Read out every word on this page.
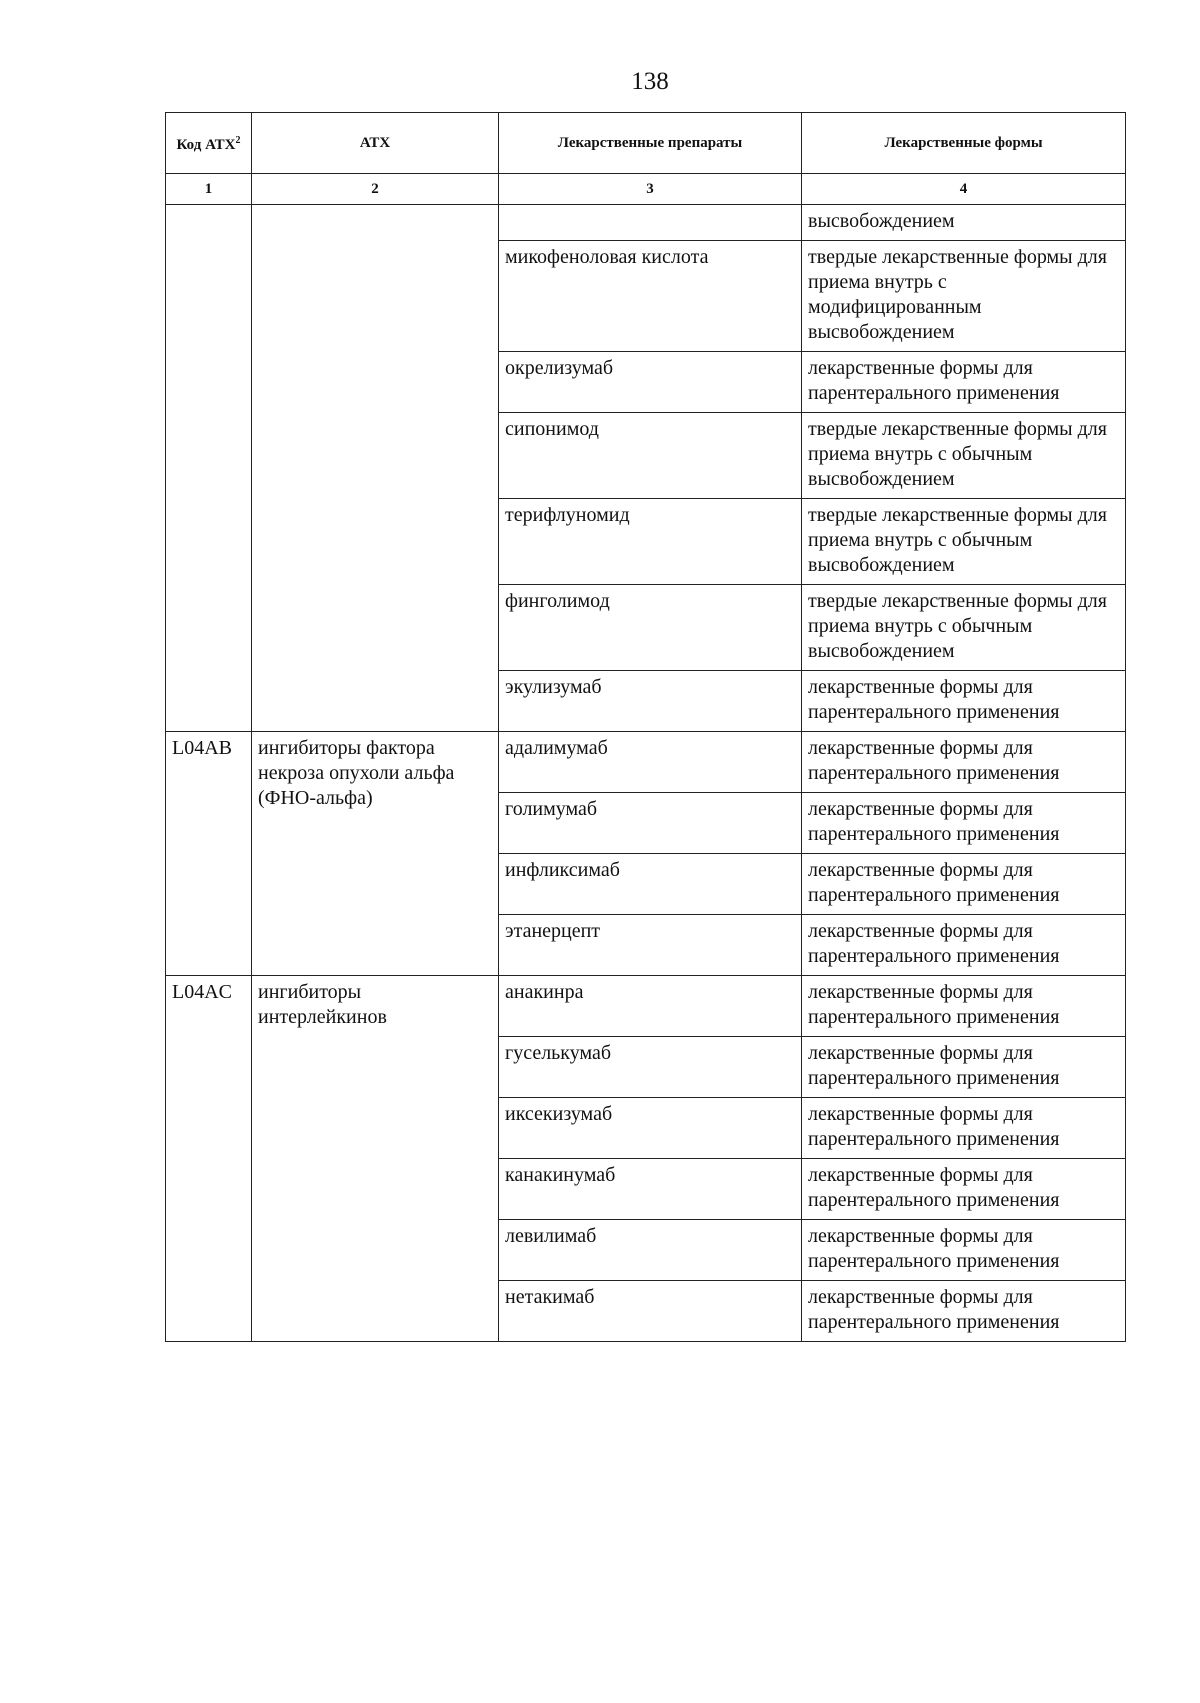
138
Код АТХ$^2$	АТХ	Лекарственные препараты	Лекарственные формы
1	2	3	4
			высвобождением
		микофеноловая кислота	твердые лекарственные формы для приема внутрь с модифицированным высвобождением
		окрелизумаб	лекарственные формы для парентерального применения
		сипонимод	твердые лекарственные формы для приема внутрь с обычным высвобождением
		терифлуномид	твердые лекарственные формы для приема внутрь с обычным высвобождением
		финголимод	твердые лекарственные формы для приема внутрь с обычным высвобождением
		экулизумаб	лекарственные формы для парентерального применения
L04AB	ингибиторы фактора некроза опухоли альфа (ФНО-альфа)	адалимумаб	лекарственные формы для парентерального применения
		голимумаб	лекарственные формы для парентерального применения
		инфликсимаб	лекарственные формы для парентерального применения
		этанерцепт	лекарственные формы для парентерального применения
L04AC	ингибиторы интерлейкинов	анакинра	лекарственные формы для парентерального применения
		гуселькумаб	лекарственные формы для парентерального применения
		иксекизумаб	лекарственные формы для парентерального применения
		канакинумаб	лекарственные формы для парентерального применения
		левилимаб	лекарственные формы для парентерального применения
		нетакимаб	лекарственные формы для парентерального применения
